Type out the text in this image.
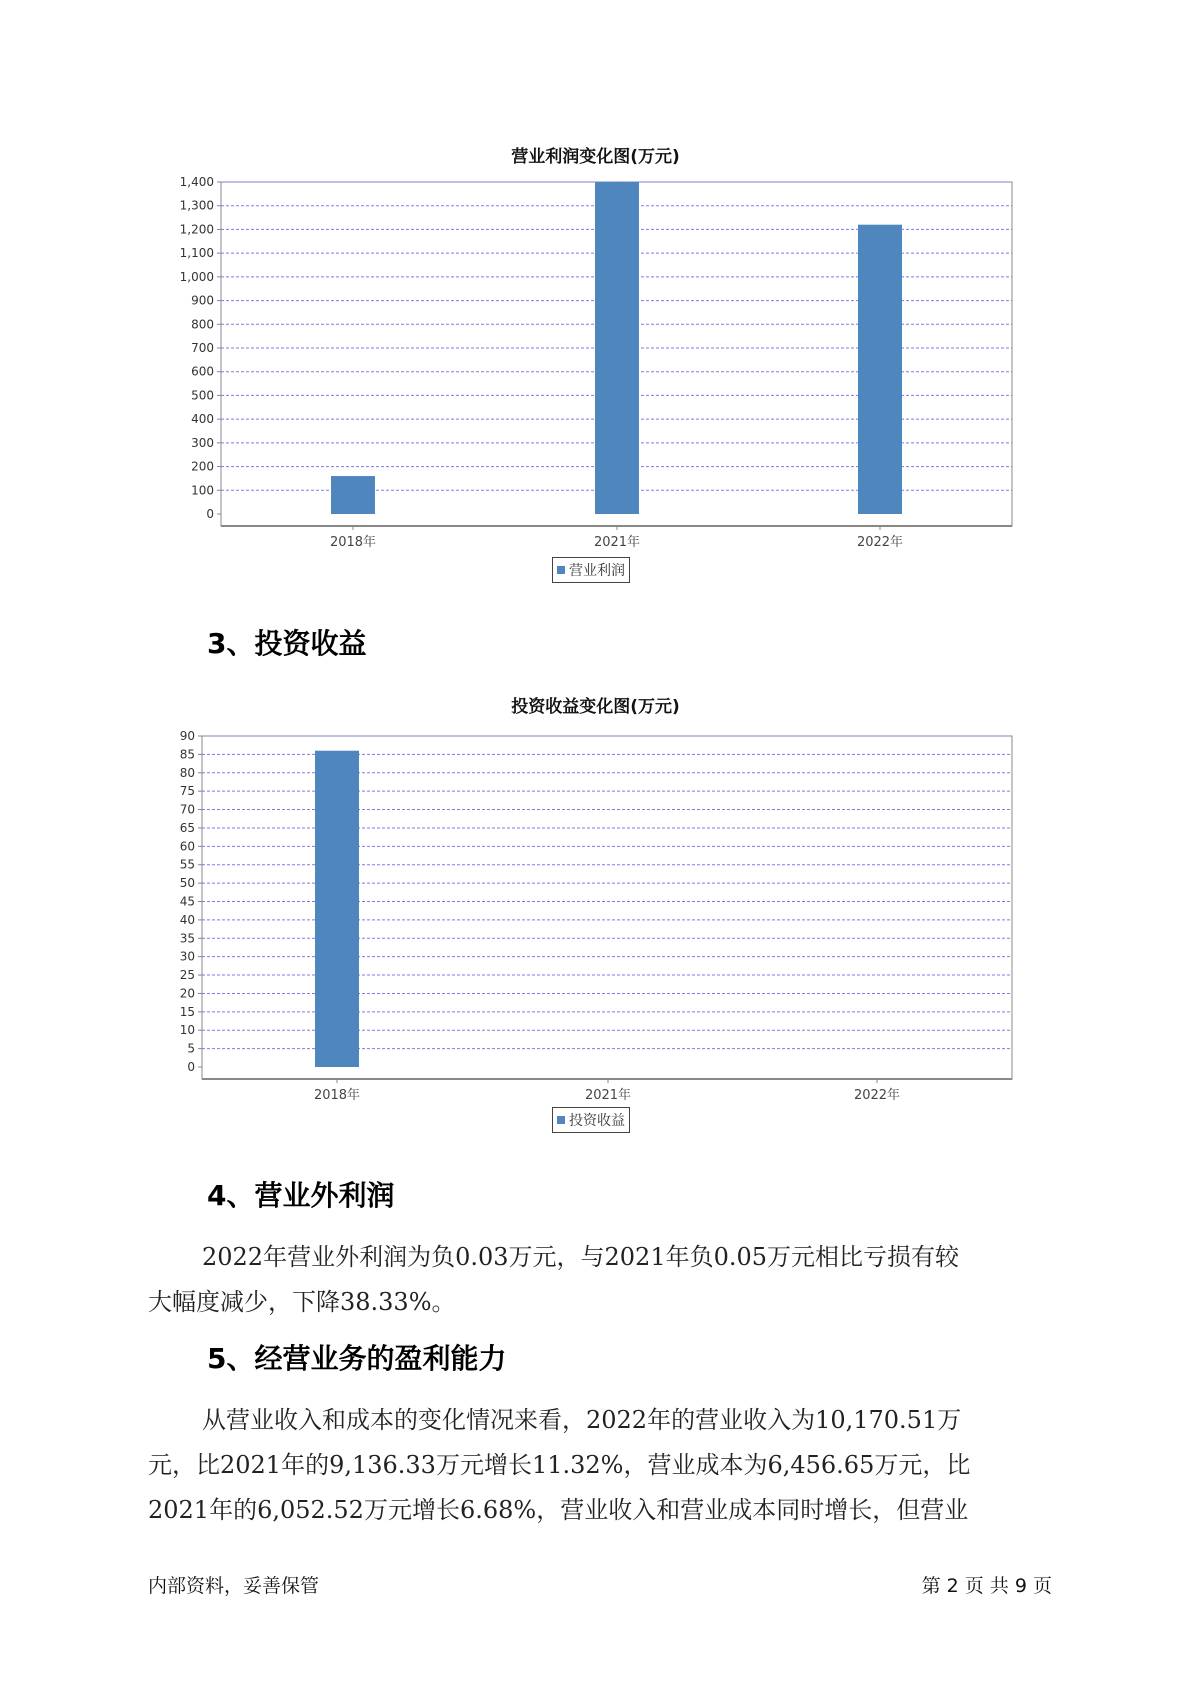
营业利润变化图(万元)
0
100
200
300
400
500
600
700
800
900
1,000
1,100
1,200
1,300
1,400
2018年	2021年	2022年
营业利润
3、投资收益
投资收益变化图(万元)
0
5
10
15
20
25
30
35
40
45
50
55
60
65
70
75
80
85
90
2018年	2021年	2022年
投资收益
4、营业外利润
2022年营业外利润为负0.03万元，与2021年负0.05万元相比亏损有较
大幅度减少，下降38.33%。
5、经营业务的盈利能力
从营业收入和成本的变化情况来看，2022年的营业收入为10,170.51万
元，比2021年的9,136.33万元增长11.32%，营业成本为6,456.65万元，比
2021年的6,052.52万元增长6.68%，营业收入和营业成本同时增长，但营业
内部资料，妥善保管	第 2 页 共 9 页
